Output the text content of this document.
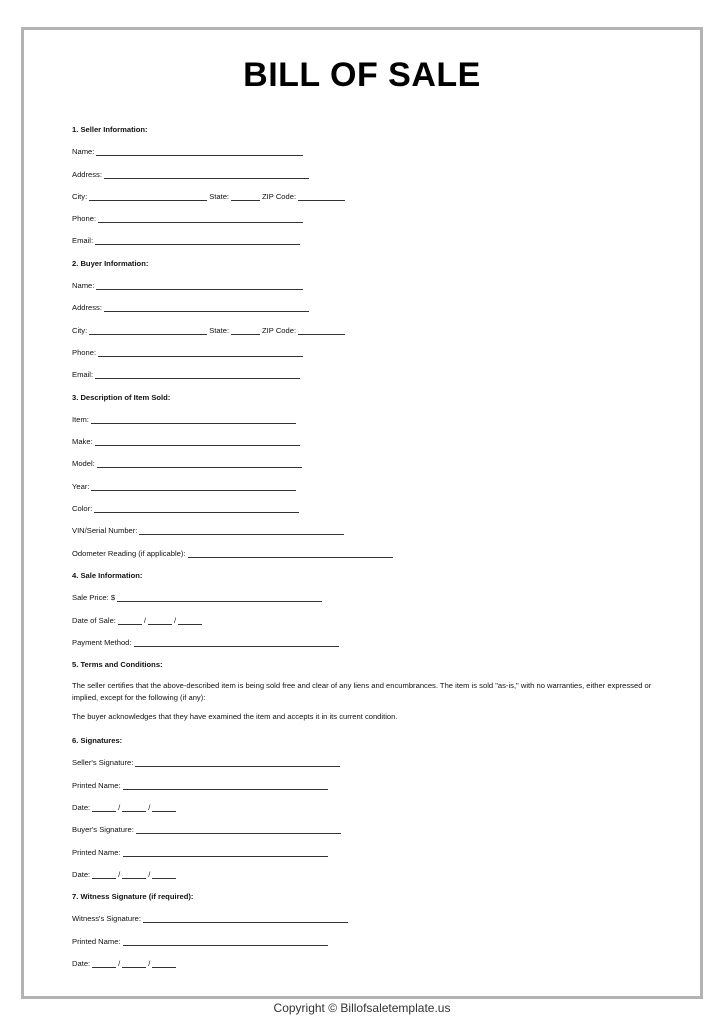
BILL OF SALE
1. Seller Information:
Name:
Address:
City:	State:	ZIP Code:
Phone:
Email:
2. Buyer Information:
Name:
Address:
City:	State:	ZIP Code:
Phone:
Email:
3. Description of Item Sold:
Item:
Make:
Model:
Year:
Color:
VIN/Serial Number:
Odometer Reading (if applicable):
4. Sale Information:
Sale Price: $
Date of Sale:	/	/
Payment Method:
5. Terms and Conditions:
The seller certifies that the above-described item is being sold free and clear of any liens and encumbrances. The item is sold "as-is," with no warranties, either expressed or implied, except for the following (if any):
The buyer acknowledges that they have examined the item and accepts it in its current condition.
6. Signatures:
Seller's Signature:
Printed Name:
Date:	/	/
Buyer's Signature:
Printed Name:
Date:	/	/
7. Witness Signature (if required):
Witness's Signature:
Printed Name:
Date:	/	/
Copyright © Billofsaletemplate.us
